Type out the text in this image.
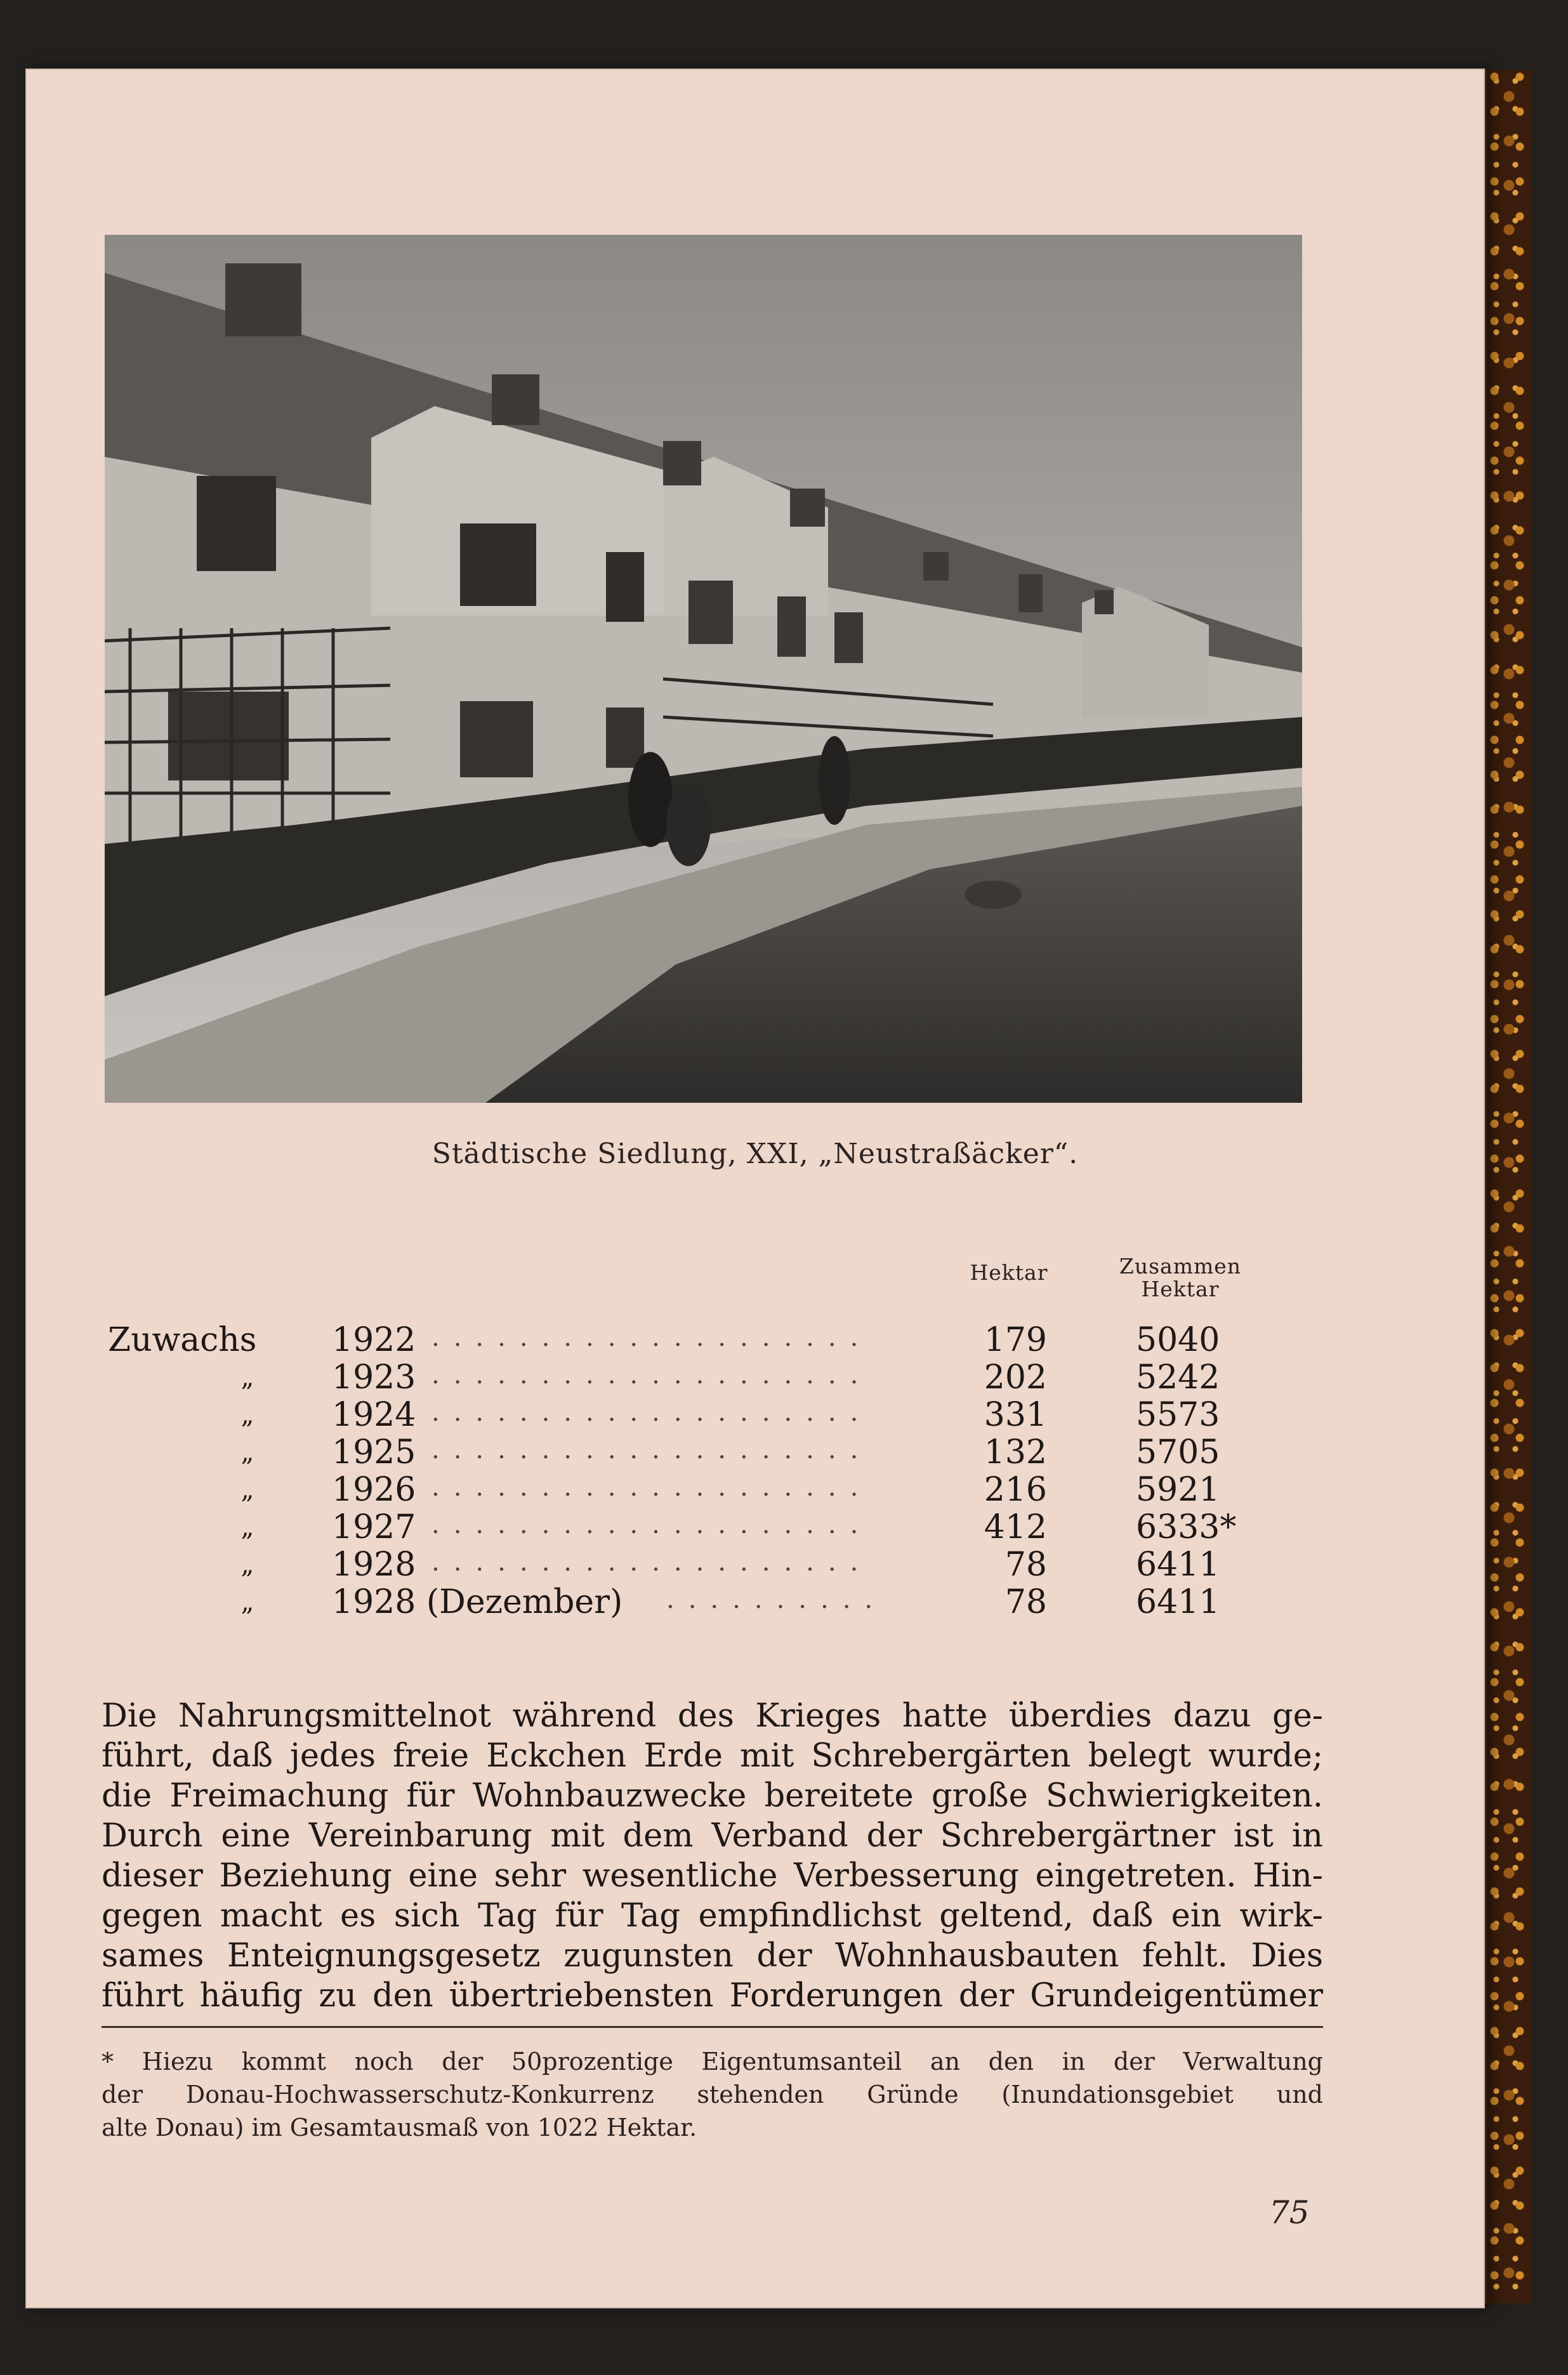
Städtische Siedlung, XXI, „Neustraßäcker“.
Hektar	Zusammen
Hektar
Zuwachs 1922 ....................	179	5040
„	1923 ....................	202	5242
„	1924 ....................	331	5573
„	1925 ....................	132	5705
„	1926 ....................	216	5921
„	1927 ....................	412	6333*
„	1928 ....................	78	6411
„	1928 (Dezember) ..........	78	6411
Die Nahrungsmittelnot während des Krieges hatte überdies dazu ge-
führt, daß jedes freie Eckchen Erde mit Schrebergärten belegt wurde;
die Freimachung für Wohnbauzwecke bereitete große Schwierigkeiten.
Durch eine Vereinbarung mit dem Verband der Schrebergärtner ist in
dieser Beziehung eine sehr wesentliche Verbesserung eingetreten. Hin-
gegen macht es sich Tag für Tag empfindlichst geltend, daß ein wirk-
sames Enteignungsgesetz zugunsten der Wohnhausbauten fehlt. Dies
führt häufig zu den übertriebensten Forderungen der Grundeigentümer
* Hiezu kommt noch der 50prozentige Eigentumsanteil an den in der Verwaltung
der Donau-Hochwasserschutz-Konkurrenz stehenden Gründe (Inundationsgebiet und
alte Donau) im Gesamtausmaß von 1022 Hektar.
75
